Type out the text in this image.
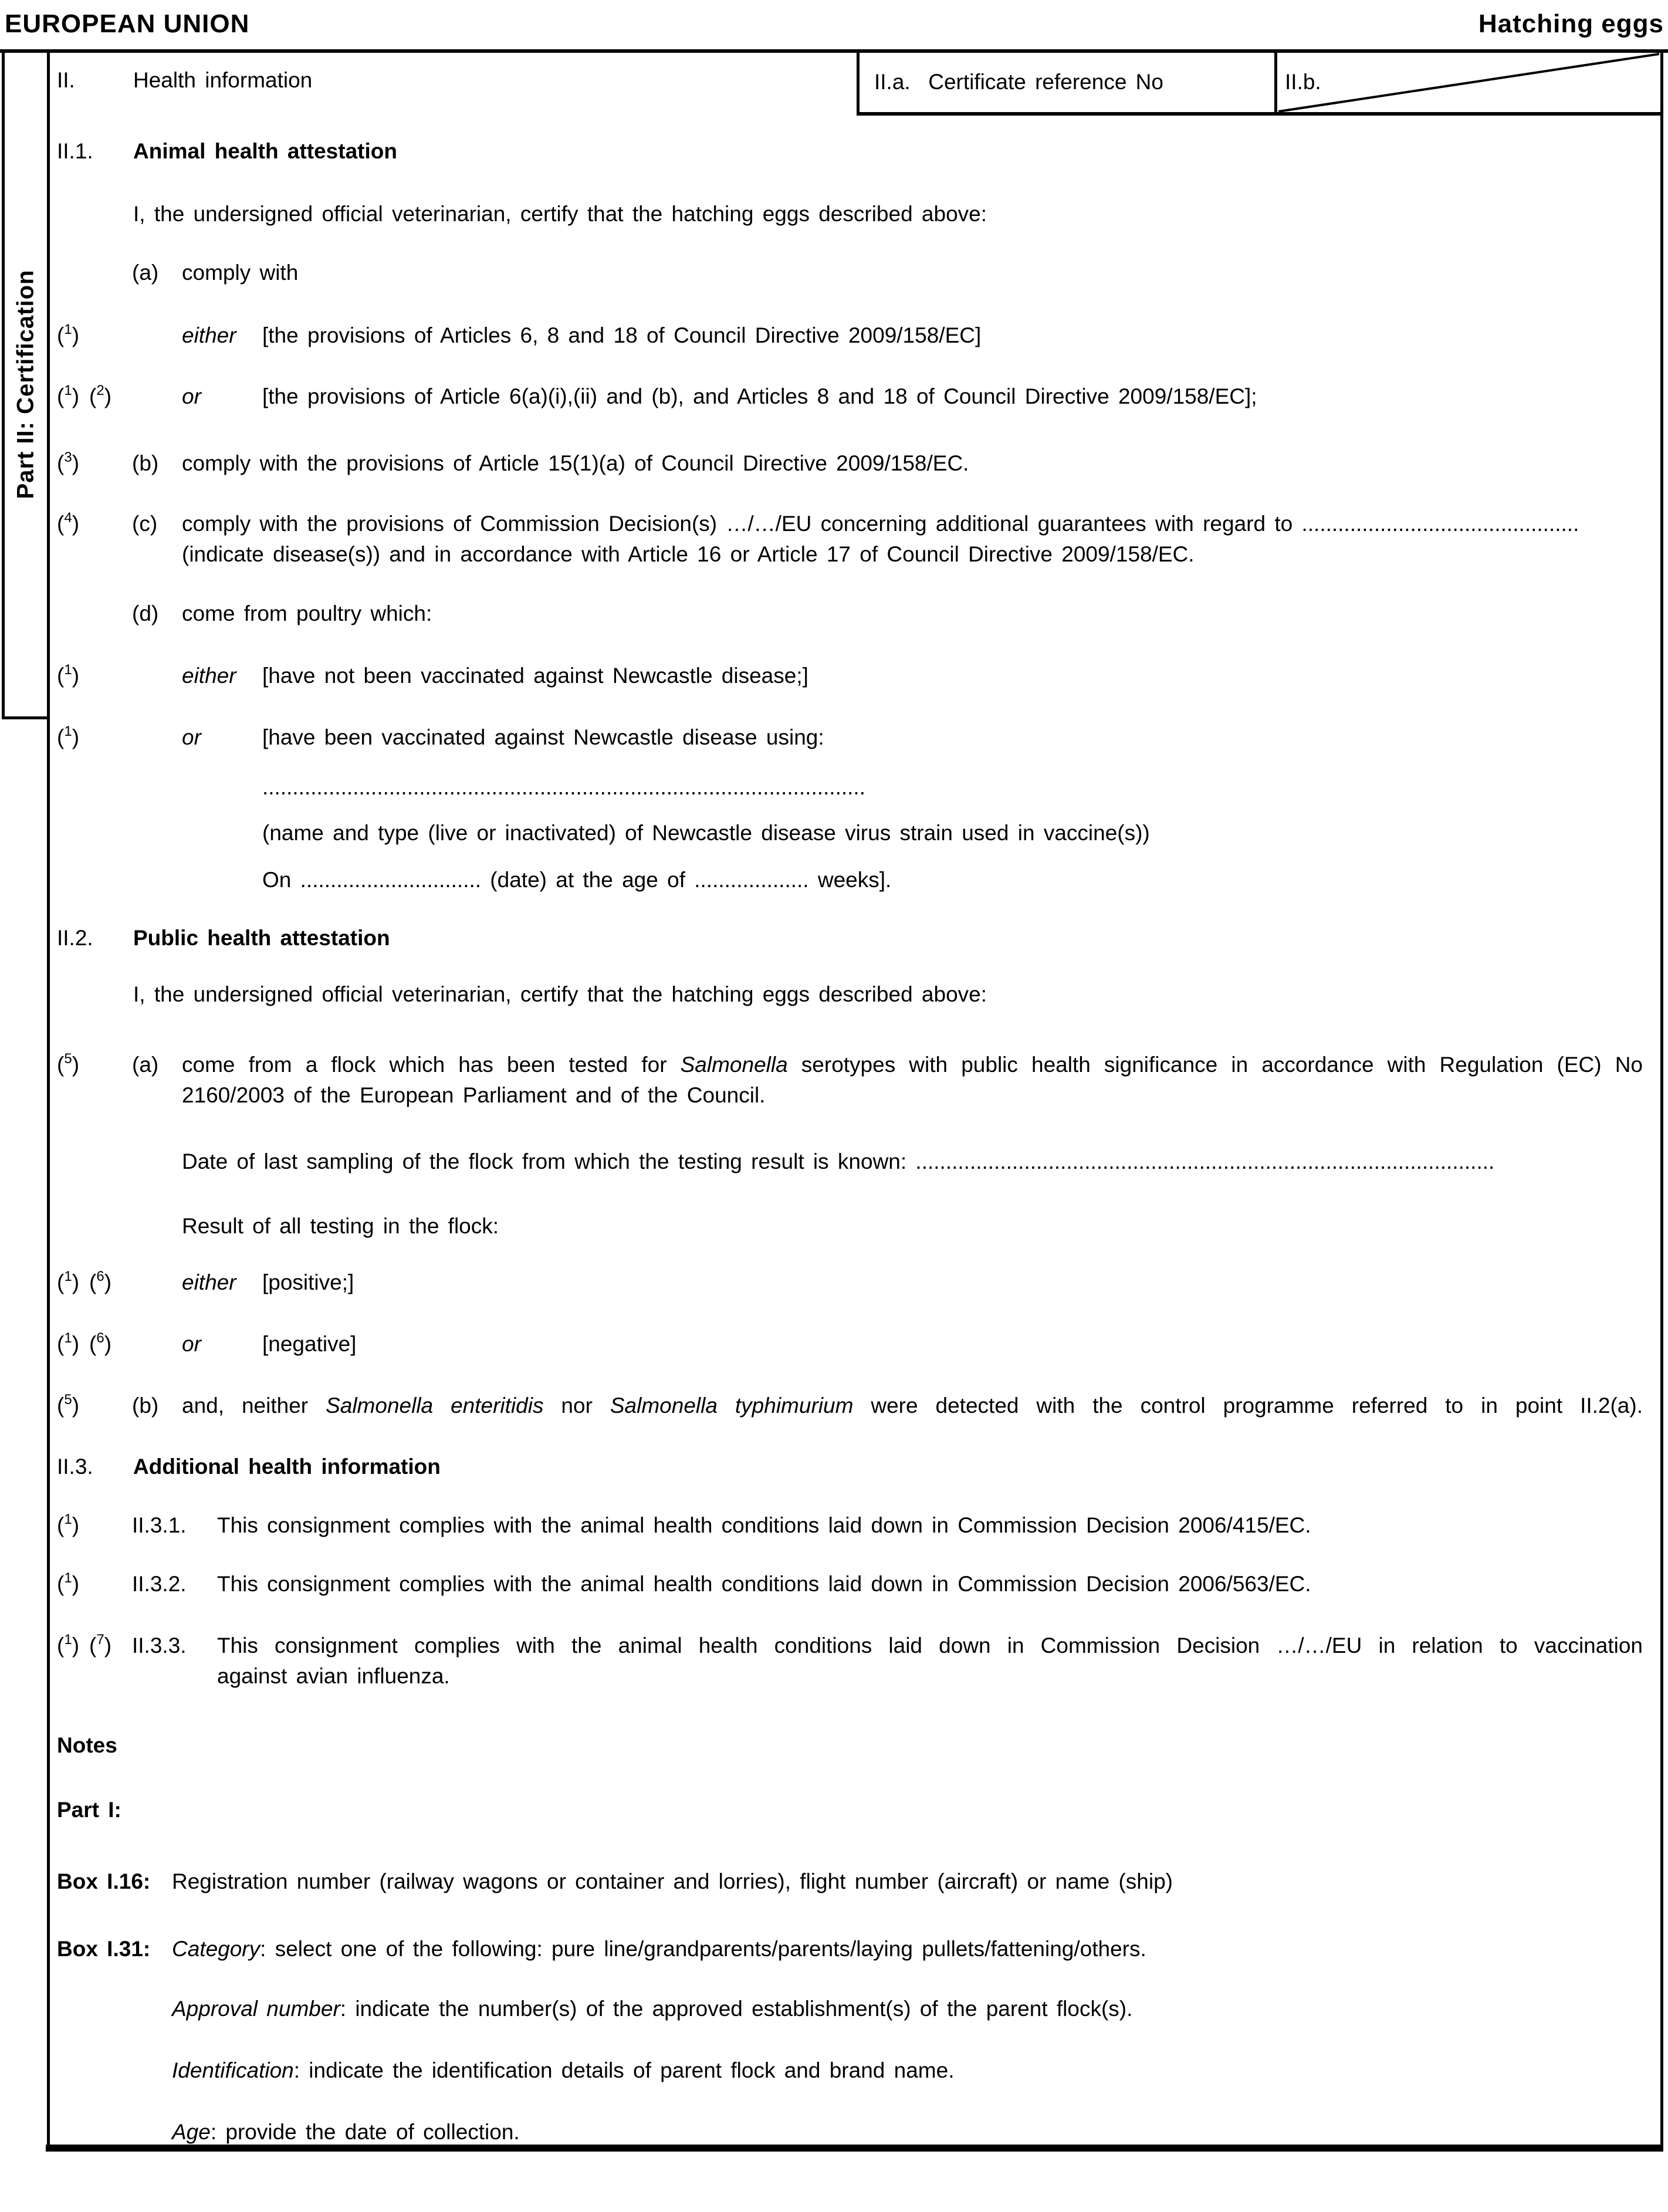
EUROPEAN UNION	Hatching eggs
Part II: Certification
II.a.  Certificate reference No	II.b.
II.	Health information
II.1. Animal health attestation
I, the undersigned official veterinarian, certify that the hatching eggs described above:
(a) comply with
($^1$)	either [the provisions of Articles 6, 8 and 18 of Council Directive 2009/158/EC]
($^1$) ($^2$)	or	[the provisions of Article 6(a)(i),(ii) and (b), and Articles 8 and 18 of Council Directive 2009/158/EC];
($^3$) (b) comply with the provisions of Article 15(1)(a) of Council Directive 2009/158/EC.
($^4$) (c) comply with the provisions of Commission Decision(s) …/…/EU concerning additional guarantees with regard to ..............................................
(indicate disease(s)) and in accordance with Article 16 or Article 17 of Council Directive 2009/158/EC.
(d) come from poultry which:
($^1$)	either [have not been vaccinated against Newcastle disease;]
($^1$)	or	[have been vaccinated against Newcastle disease using:
....................................................................................................
(name and type (live or inactivated) of Newcastle disease virus strain used in vaccine(s))
On .............................. (date) at the age of ................... weeks].
II.2. Public health attestation
I, the undersigned official veterinarian, certify that the hatching eggs described above:
($^5$) (a) come from a flock which has been tested for Salmonella serotypes with public health significance in accordance with Regulation (EC) No
2160/2003 of the European Parliament and of the Council.
Date of last sampling of the flock from which the testing result is known: ................................................................................................
Result of all testing in the flock:
($^1$) ($^6$)	either [positive;]
($^1$) ($^6$)	or	[negative]
($^5$) (b) and, neither Salmonella enteritidis nor Salmonella typhimurium were detected with the control programme referred to in point II.2(a).
II.3. Additional health information
($^1$) II.3.1. This consignment complies with the animal health conditions laid down in Commission Decision 2006/415/EC.
($^1$) II.3.2. This consignment complies with the animal health conditions laid down in Commission Decision 2006/563/EC.
($^1$) ($^7$) II.3.3. This consignment complies with the animal health conditions laid down in Commission Decision …/…/EU in relation to vaccination
against avian influenza.
Notes
Part I:
Box I.16: Registration number (railway wagons or container and lorries), flight number (aircraft) or name (ship)
Box I.31: Category: select one of the following: pure line/grandparents/parents/laying pullets/fattening/others.
Approval number: indicate the number(s) of the approved establishment(s) of the parent flock(s).
Identification: indicate the identification details of parent flock and brand name.
Age: provide the date of collection.
